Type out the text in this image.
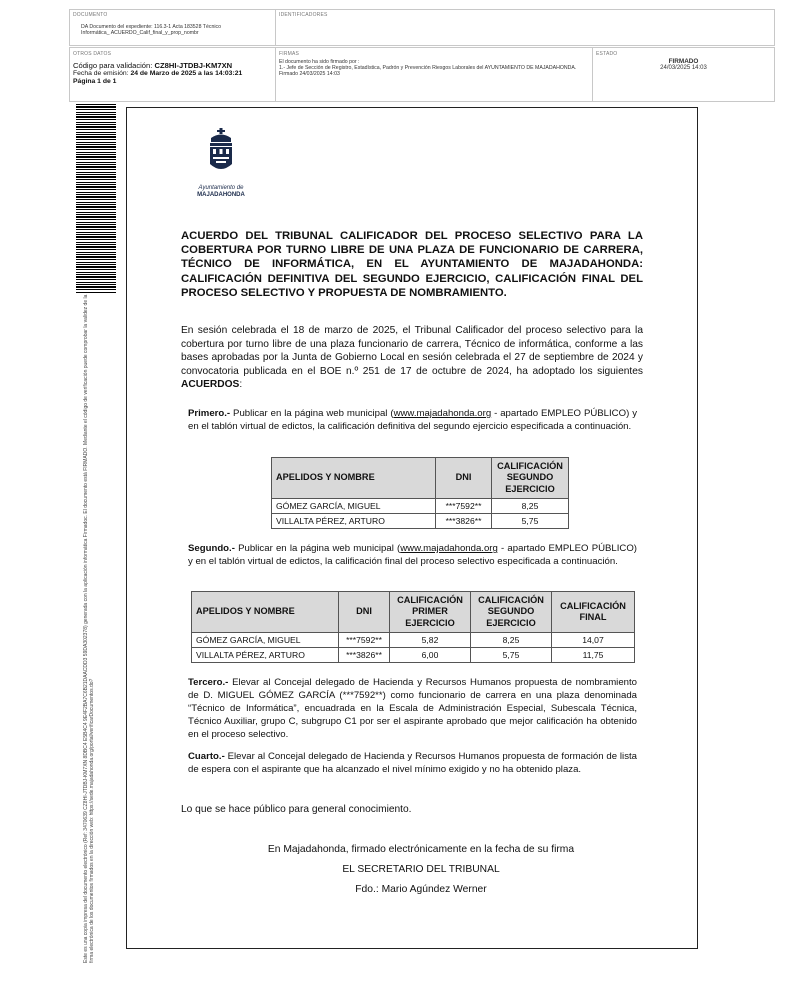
DOCUMENTO
DA Documento del expediente: 116.3-1 Acta 183528 Técnico Informática_ ACUERDO_Calif_final_y_prop_nombr
IDENTIFICADORES
OTROS DATOS
Código para validación: CZ8HI-JTDBJ-KM7XN
Fecha de emisión: 24 de Marzo de 2025 a las 14:03:21
Página 1 de 1
FIRMAS
El documento ha sido firmado por :
1.- Jefe de Sección de Registro, Estadística, Padrón y Prevención Riesgos Laborales del AYUNTAMIENTO DE MAJADAHONDA. Firmado 24/03/2025 14:03
ESTADO
FIRMADO
24/03/2025 14:03
Este es una copia impresa del documento electrónico (Ref: 3470639 CZ8HI-JTDBJ-KM7XN 8DBC4 E5B4C4 9E4F2BA7C6B21DAACDD3 59DA302378) generada con la aplicación informática Firmadoc. El documento está FIRMADO. Mediante el código de verificación puede comprobar la validez de la firma electrónica de los documentos firmados en la dirección web: https://sede.majadahonda.org/portal/verificarDocumentos.do?
Ayuntamiento de
MAJADAHONDA
ACUERDO DEL TRIBUNAL CALIFICADOR DEL PROCESO SELECTIVO PARA LA COBERTURA POR TURNO LIBRE DE UNA PLAZA DE FUNCIONARIO DE CARRERA, TÉCNICO DE INFORMÁTICA, EN EL AYUNTAMIENTO DE MAJADAHONDA: CALIFICACIÓN DEFINITIVA DEL SEGUNDO EJERCICIO, CALIFICACIÓN FINAL DEL PROCESO SELECTIVO Y PROPUESTA DE NOMBRAMIENTO.
En sesión celebrada el 18 de marzo de 2025, el Tribunal Calificador del proceso selectivo para la cobertura por turno libre de una plaza funcionario de carrera, Técnico de informática, conforme a las bases aprobadas por la Junta de Gobierno Local en sesión celebrada el 27 de septiembre de 2024 y convocatoria publicada en el BOE n.º 251 de 17 de octubre de 2024, ha adoptado los siguientes ACUERDOS:
Primero.- Publicar en la página web municipal (www.majadahonda.org - apartado EMPLEO PÚBLICO) y en el tablón virtual de edictos, la calificación definitiva del segundo ejercicio especificada a continuación.
APELIDOS Y NOMBRE	DNI	CALIFICACIÓN SEGUNDO EJERCICIO
GÓMEZ GARCÍA, MIGUEL	***7592**	8,25
VILLALTA PÉREZ, ARTURO	***3826**	5,75
Segundo.- Publicar en la página web municipal (www.majadahonda.org - apartado EMPLEO PÚBLICO) y en el tablón virtual de edictos, la calificación final del proceso selectivo especificada a continuación.
APELIDOS Y NOMBRE	DNI	CALIFICACIÓN PRIMER EJERCICIO	CALIFICACIÓN SEGUNDO EJERCICIO	CALIFICACIÓN FINAL
GÓMEZ GARCÍA, MIGUEL	***7592**	5,82	8,25	14,07
VILLALTA PÉREZ, ARTURO	***3826**	6,00	5,75	11,75
Tercero.- Elevar al Concejal delegado de Hacienda y Recursos Humanos propuesta de nombramiento de D. MIGUEL GÓMEZ GARCÍA (***7592**) como funcionario de carrera en una plaza denominada “Técnico de Informática”, encuadrada en la Escala de Administración Especial, Subescala Técnica, Técnico Auxiliar, grupo C, subgrupo C1 por ser el aspirante aprobado que mejor calificación ha obtenido en el proceso selectivo.
Cuarto.- Elevar al Concejal delegado de Hacienda y Recursos Humanos propuesta de formación de lista de espera con el aspirante que ha alcanzado el nivel mínimo exigido y no ha obtenido plaza.
Lo que se hace público para general conocimiento.
En Majadahonda, firmado electrónicamente en la fecha de su firma
EL SECRETARIO DEL TRIBUNAL
Fdo.: Mario Agúndez Werner
